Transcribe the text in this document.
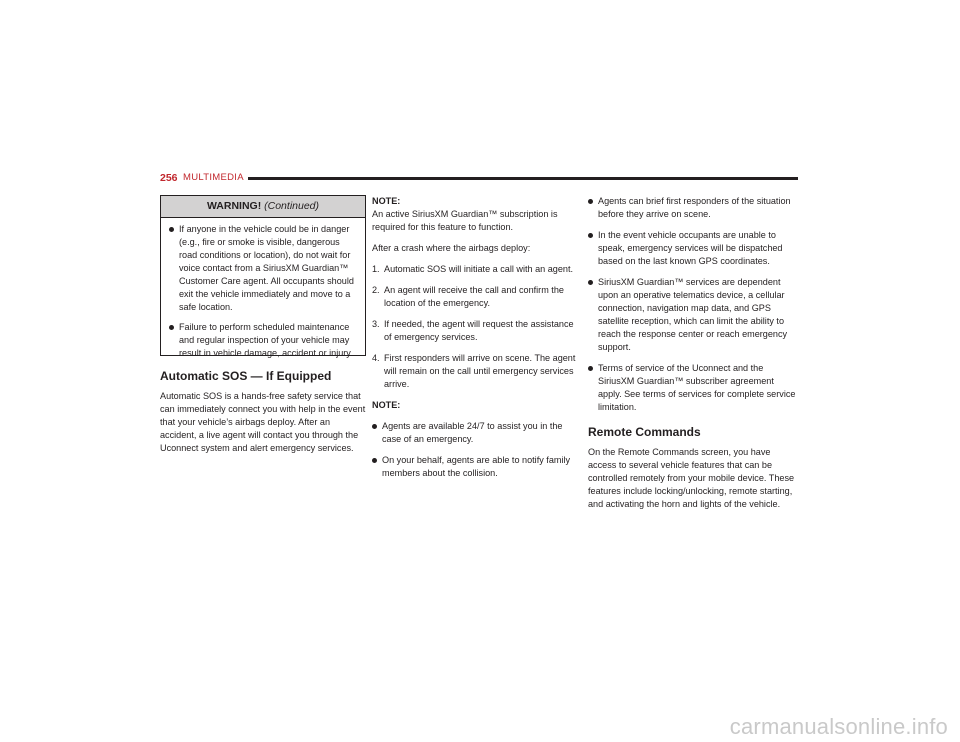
256 MULTIMEDIA
WARNING! (Continued)
If anyone in the vehicle could be in danger (e.g., fire or smoke is visible, dangerous road conditions or location), do not wait for voice contact from a SiriusXM Guardian™ Customer Care agent. All occupants should exit the vehicle immediately and move to a safe location.
Failure to perform scheduled maintenance and regular inspection of your vehicle may result in vehicle damage, accident or injury.
Automatic SOS — If Equipped

Automatic SOS is a hands-free safety service that can immediately connect you with help in the event that your vehicle’s airbags deploy. After an accident, a live agent will contact you through the Uconnect system and alert emergency services.

NOTE:

An active SiriusXM Guardian™ subscription is required for this feature to function.

After a crash where the airbags deploy:

1. Automatic SOS will initiate a call with an agent.
2. An agent will receive the call and confirm the location of the emergency.
3. If needed, the agent will request the assistance of emergency services.
4. First responders will arrive on scene. The agent will remain on the call until emergency services arrive.
NOTE:
Agents are available 24/7 to assist you in the case of an emergency.
On your behalf, agents are able to notify family members about the collision.
Agents can brief first responders of the situation before they arrive on scene.
In the event vehicle occupants are unable to speak, emergency services will be dispatched based on the last known GPS coordinates.
SiriusXM Guardian™ services are dependent upon an operative telematics device, a cellular connection, navigation map data, and GPS satellite reception, which can limit the ability to reach the response center or reach emergency support.
Terms of service of the Uconnect and the SiriusXM Guardian™ subscriber agreement apply. See terms of services for complete service limitation.
Remote Commands

On the Remote Commands screen, you have access to several vehicle features that can be controlled remotely from your mobile device. These features include locking/unlocking, remote starting, and activating the horn and lights of the vehicle.

carmanualsonline.info
